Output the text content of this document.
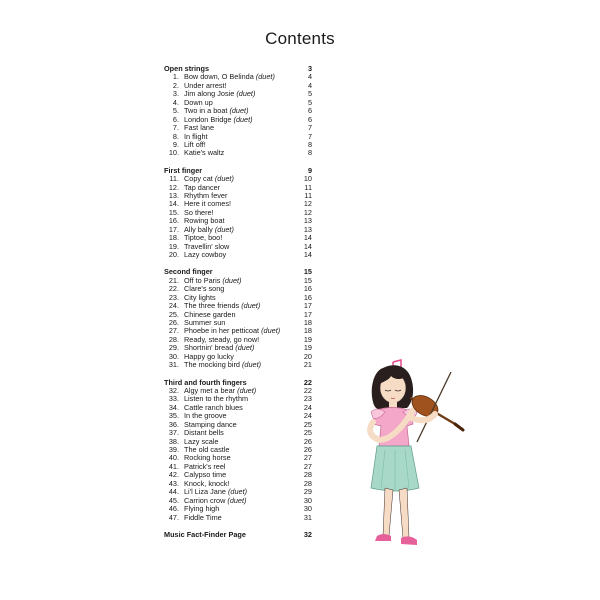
Contents
Open strings	3
1. Bow down, O Belinda (duet)	4
2. Under arrest!	4
3. Jim along Josie (duet)	5
4. Down up	5
5. Two in a boat (duet)	6
6. London Bridge (duet)	6
7. Fast lane	7
8. In flight	7
9. Lift off!	8
10. Katie's waltz	8
First finger	9
11. Copy cat (duet)	10
12. Tap dancer	11
13. Rhythm fever	11
14. Here it comes!	12
15. So there!	12
16. Rowing boat	13
17. Ally bally (duet)	13
18. Tiptoe, boo!	14
19. Travellin' slow	14
20. Lazy cowboy	14
Second finger	15
21. Off to Paris (duet)	15
22. Clare's song	16
23. City lights	16
24. The three friends (duet)	17
25. Chinese garden	17
26. Summer sun	18
27. Phoebe in her petticoat (duet)	18
28. Ready, steady, go now!	19
29. Shortnin' bread (duet)	19
30. Happy go lucky	20
31. The mocking bird (duet)	21
Third and fourth fingers	22
32. Algy met a bear (duet)	22
33. Listen to the rhythm	23
34. Cattle ranch blues	24
35. In the groove	24
36. Stamping dance	25
37. Distant bells	25
38. Lazy scale	26
39. The old castle	26
40. Rocking horse	27
41. Patrick's reel	27
42. Calypso time	28
43. Knock, knock!	28
44. Li'l Liza Jane (duet)	29
45. Carrion crow (duet)	30
46. Flying high	30
47. Fiddle Time	31
Music Fact-Finder Page	32
